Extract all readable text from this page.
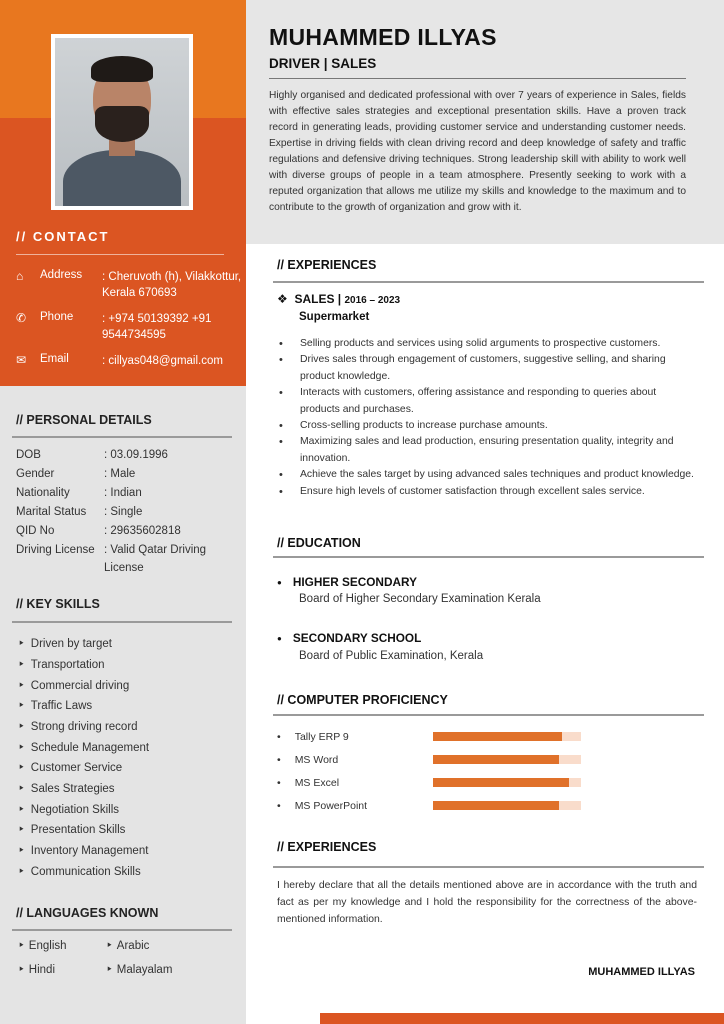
// CONTACT
⌂	Address	: Cheruvoth (h), Vilakkottur, Kerala 670693
✆	Phone	: +974 50139392 +91 9544734595
✉	Email	: cillyas048@gmail.com
// PERSONAL DETAILS
DOB	: 03.09.1996
Gender	: Male
Nationality	: Indian
Marital Status	: Single
QID No	: 29635602818
Driving License : Valid Qatar Driving License
// KEY SKILLS
‣ Driven by target
‣ Transportation
‣ Commercial driving
‣ Traffic Laws
‣ Strong driving record
‣ Schedule Management
‣ Customer Service
‣ Sales Strategies
‣ Negotiation Skills
‣ Presentation Skills
‣ Inventory Management
‣ Communication Skills
// LANGUAGES KNOWN
‣ English	‣ Arabic
‣ Hindi	‣ Malayalam
MUHAMMED ILLYAS
DRIVER | SALES
Highly organised and dedicated professional with over 7 years of experience in Sales, fields with effective sales strategies and exceptional presentation skills. Have a proven track record in generating leads, providing customer service and understanding customer needs. Expertise in driving fields with clean driving record and deep knowledge of safety and traffic regulations and defensive driving techniques. Strong leadership skill with ability to work well with diverse groups of people in a team atmosphere. Presently seeking to work with a reputed organization that allows me utilize my skills and knowledge to the maximum and to contribute to the growth of organization and grow with it.
// EXPERIENCES
❖ SALES | 2016 – 2023
Supermarket
• Selling products and services using solid arguments to prospective customers.
• Drives sales through engagement of customers, suggestive selling, and sharing product knowledge.
• Interacts with customers, offering assistance and responding to queries about products and purchases.
• Cross-selling products to increase purchase amounts.
• Maximizing sales and lead production, ensuring presentation quality, integrity and innovation.
• Achieve the sales target by using advanced sales techniques and product knowledge.
• Ensure high levels of customer satisfaction through excellent sales service.
// EDUCATION
● HIGHER SECONDARY
Board of Higher Secondary Examination Kerala
● SECONDARY SCHOOL
Board of Public Examination, Kerala
// COMPUTER PROFICIENCY
• Tally ERP 9
• MS Word
• MS Excel
• MS PowerPoint
// EXPERIENCES
I hereby declare that all the details mentioned above are in accordance with the truth and fact as per my knowledge and I hold the responsibility for the correctness of the above-mentioned information.
MUHAMMED ILLYAS
